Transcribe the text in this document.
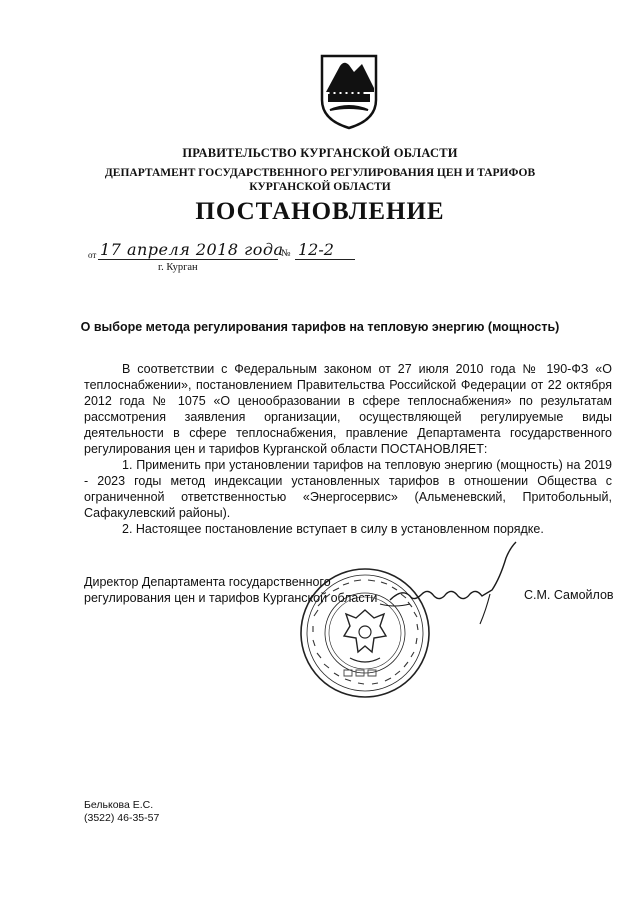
ПРАВИТЕЛЬСТВО КУРГАНСКОЙ ОБЛАСТИ
ДЕПАРТАМЕНТ ГОСУДАРСТВЕННОГО РЕГУЛИРОВАНИЯ ЦЕН И ТАРИФОВ
КУРГАНСКОЙ ОБЛАСТИ
ПОСТАНОВЛЕНИЕ
от 17 апреля 2018 года
№ 12-2
г. Курган
О выборе метода регулирования тарифов на тепловую энергию (мощность)

В соответствии с Федеральным законом от 27 июля 2010 года № 190-ФЗ «О теплоснабжении», постановлением Правительства Российской Федерации от 22 октября 2012 года № 1075 «О ценообразовании в сфере теплоснабжения» по результатам рассмотрения заявления организации, осуществляющей регулируемые виды деятельности в сфере теплоснабжения, правление Департамента государственного регулирования цен и тарифов Курганской области ПОСТАНОВЛЯЕТ:

1. Применить при установлении тарифов на тепловую энергию (мощность) на 2019 - 2023 годы метод индексации установленных тарифов в отношении Общества с ограниченной ответственностью «Энергосервис» (Альменевский, Притобольный, Сафакулевский районы).

2. Настоящее постановление вступает в силу в установленном порядке.

Директор Департамента государственного
регулирования цен и тарифов Курганской области	С.М. Самойлов
Белькова Е.С.
(3522) 46-35-57
